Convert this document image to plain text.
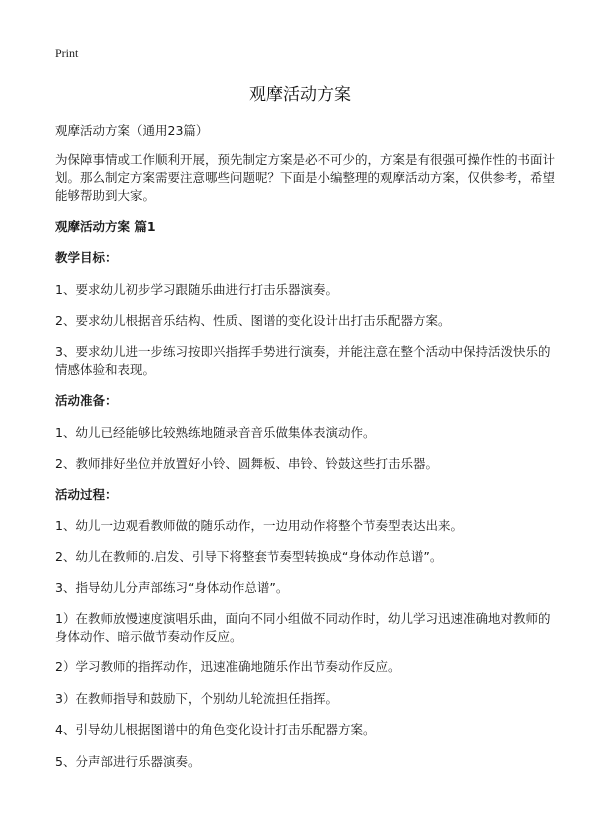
Print
观摩活动方案

观摩活动方案（通用23篇）

为保障事情或工作顺利开展，预先制定方案是必不可少的，方案是有很强可操作性的书面计划。那么制定方案需要注意哪些问题呢？下面是小编整理的观摩活动方案，仅供参考，希望能够帮助到大家。

观摩活动方案 篇1

教学目标：

1、要求幼儿初步学习跟随乐曲进行打击乐器演奏。

2、要求幼儿根据音乐结构、性质、图谱的变化设计出打击乐配器方案。

3、要求幼儿进一步练习按即兴指挥手势进行演奏，并能注意在整个活动中保持活泼快乐的情感体验和表现。

活动准备：

1、幼儿已经能够比较熟练地随录音音乐做集体表演动作。

2、教师排好坐位并放置好小铃、圆舞板、串铃、铃鼓这些打击乐器。

活动过程：

1、幼儿一边观看教师做的随乐动作，一边用动作将整个节奏型表达出来。

2、幼儿在教师的.启发、引导下将整套节奏型转换成“身体动作总谱”。

3、指导幼儿分声部练习“身体动作总谱”。

1）在教师放慢速度演唱乐曲，面向不同小组做不同动作时，幼儿学习迅速准确地对教师的身体动作、暗示做节奏动作反应。

2）学习教师的指挥动作，迅速准确地随乐作出节奏动作反应。

3）在教师指导和鼓励下，个别幼儿轮流担任指挥。

4、引导幼儿根据图谱中的角色变化设计打击乐配器方案。

5、分声部进行乐器演奏。
